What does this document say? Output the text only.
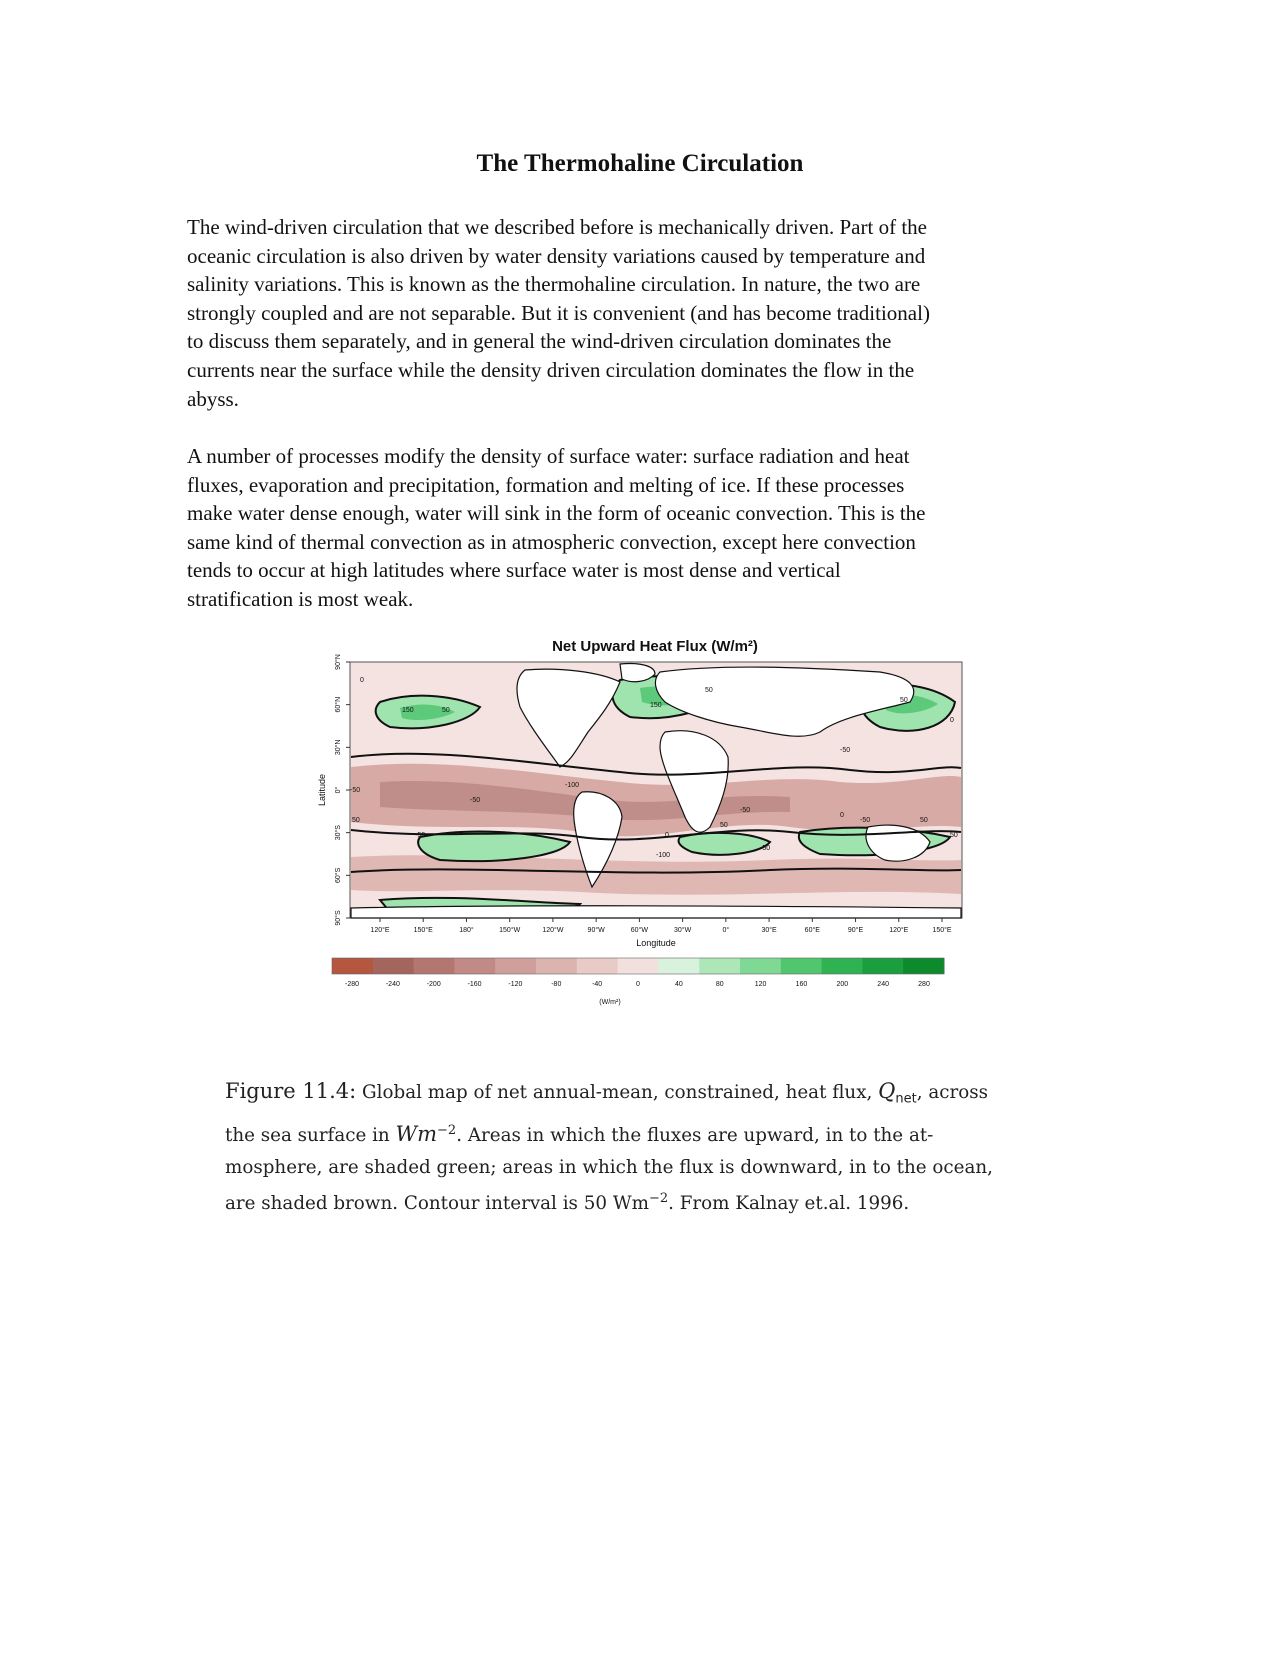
The Thermohaline Circulation

The wind-driven circulation that we described before is mechanically driven. Part of the
oceanic circulation is also driven by water density variations caused by temperature and
salinity variations. This is known as the thermohaline circulation. In nature, the two are
strongly coupled and are not separable. But it is convenient (and has become traditional)
to discuss them separately, and in general the wind-driven circulation dominates the
currents near the surface while the density driven circulation dominates the flow in the
abyss.

A number of processes modify the density of surface water: surface radiation and heat
fluxes, evaporation and precipitation, formation and melting of ice. If these processes
make water dense enough, water will sink in the form of oceanic convection. This is the
same kind of thermal convection as in atmospheric convection, except here convection
tends to occur at high latitudes where surface water is most dense and vertical
stratification is most weak.

Net Upward Heat Flux (W/m²)
0
150	50
150
50
-100
50
-50
-50
-50
50
-50	0
50
-50
0
-50
-100
50
-50
50
0
Latitude
Longitude
90°N
60°N
30°N
0°
30°S
60°S
90°S
120°E	150°E	180°	150°W	120°W	90°W	60°W	30°W	0°	30°E	60°E	90°E	120°E	150°E
-280	-240	-200	-160	-120	-80	-40	0	40	80	120	160	200	240	280
(W/m²)
Figure 11.4: Global map of net annual-mean, constrained, heat flux, $Q_{net}$, across
the sea surface in $Wm^{-2}$. Areas in which the fluxes are upward, in to the at-
mosphere, are shaded green; areas in which the flux is downward, in to the ocean,
are shaded brown. Contour interval is 50 $Wm^{-2}$. From Kalnay et.al. 1996.
